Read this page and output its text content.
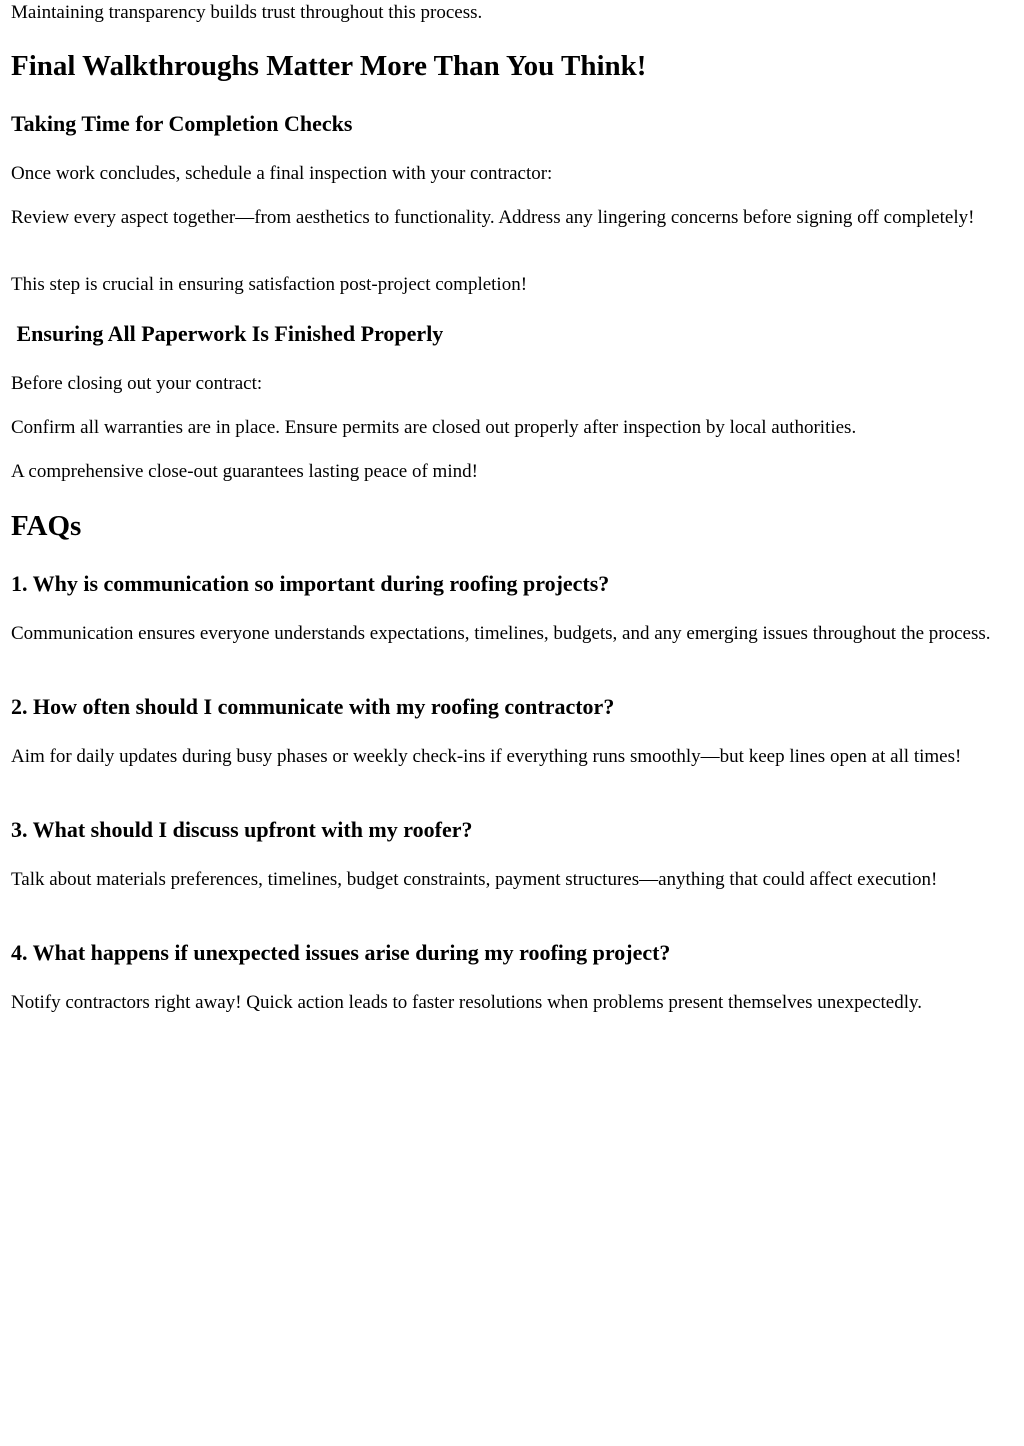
Maintaining transparency builds trust throughout this process.

Final Walkthroughs Matter More Than You Think!
Taking Time for Completion Checks

Once work concludes, schedule a final inspection with your contractor:

Review every aspect together—from aesthetics to functionality. Address any lingering concerns before signing off completely!

This step is crucial in ensuring satisfaction post-project completion!

Ensuring All Paperwork Is Finished Properly

Before closing out your contract:

Confirm all warranties are in place. Ensure permits are closed out properly after inspection by local authorities.

A comprehensive close-out guarantees lasting peace of mind!

FAQs
1. Why is communication so important during roofing projects?

Communication ensures everyone understands expectations, timelines, budgets, and any emerging issues throughout the process.

2. How often should I communicate with my roofing contractor?

Aim for daily updates during busy phases or weekly check-ins if everything runs smoothly—but keep lines open at all times!

3. What should I discuss upfront with my roofer?

Talk about materials preferences, timelines, budget constraints, payment structures—anything that could affect execution!

4. What happens if unexpected issues arise during my roofing project?

Notify contractors right away! Quick action leads to faster resolutions when problems present themselves unexpectedly.
